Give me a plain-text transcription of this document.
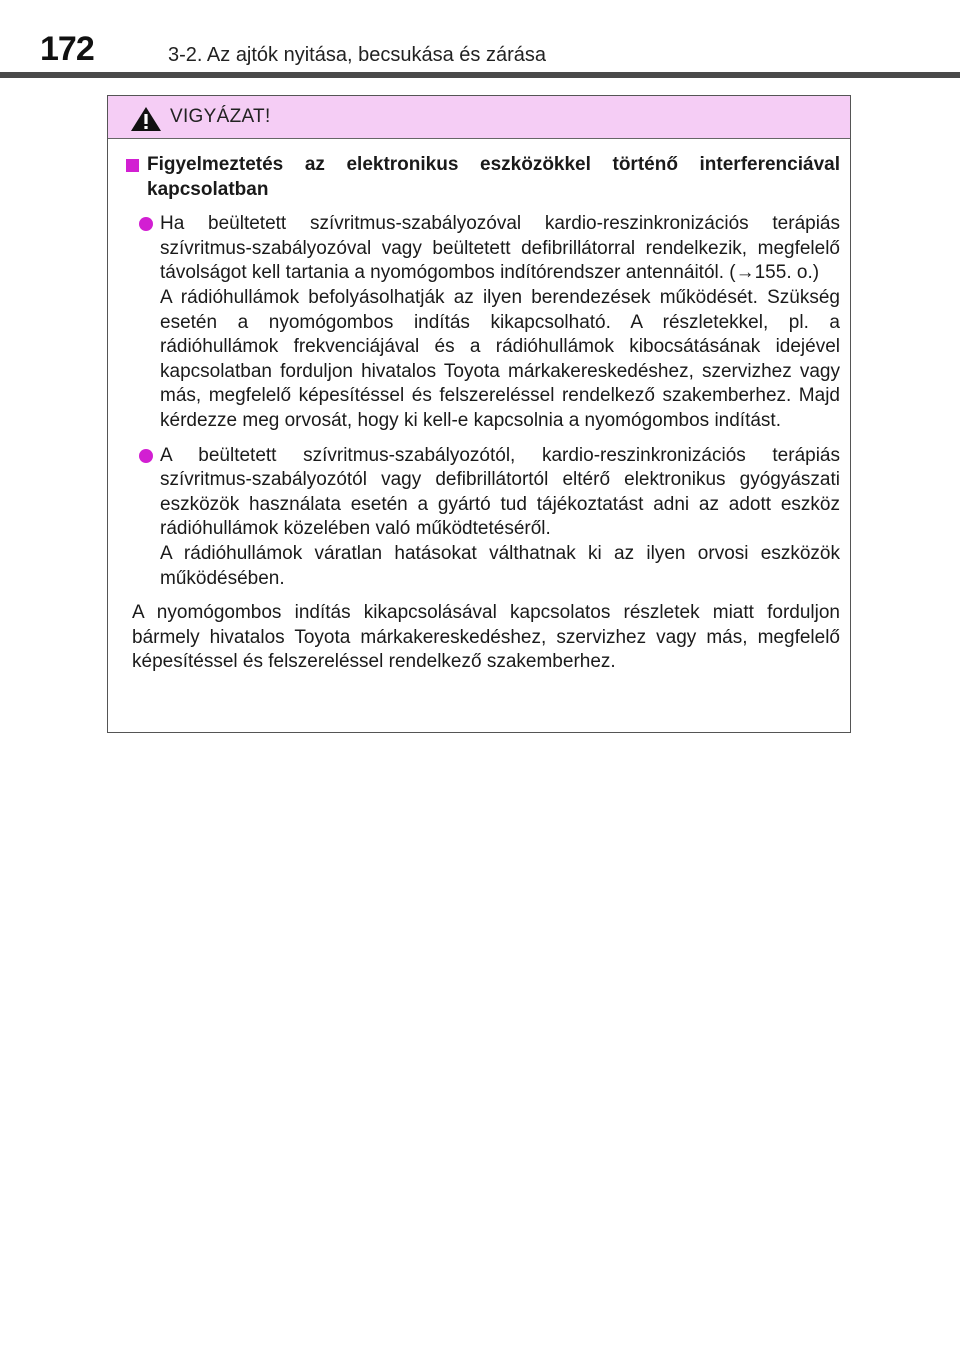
172	3-2. Az ajtók nyitása, becsukása és zárása
VIGYÁZAT!
Figyelmeztetés az elektronikus eszközökkel történő interferenciával kapcsolatban

Ha beültetett szívritmus-szabályozóval kardio-reszinkronizációs terápiás szívritmus-szabályozóval vagy beültetett defibrillátorral rendelkezik, megfelelő távolságot kell tartania a nyomógombos indítórendszer antennáitól. (→155. o.)

A rádióhullámok befolyásolhatják az ilyen berendezések működését. Szükség esetén a nyomógombos indítás kikapcsolható. A részletekkel, pl. a rádióhullámok frekvenciájával és a rádióhullámok kibocsátásának idejével kapcsolatban forduljon hivatalos Toyota márkakereskedéshez, szervizhez vagy más, megfelelő képesítéssel és felszereléssel rendelkező szakemberhez. Majd kérdezze meg orvosát, hogy ki kell-e kapcsolnia a nyomógombos indítást.

A beültetett szívritmus-szabályozótól, kardio-reszinkronizációs terápiás szívritmus-szabályozótól vagy defibrillátortól eltérő elektronikus gyógyászati eszközök használata esetén a gyártó tud tájékoztatást adni az adott eszköz rádióhullámok közelében való működtetéséről.

A rádióhullámok váratlan hatásokat válthatnak ki az ilyen orvosi eszközök működésében.

A nyomógombos indítás kikapcsolásával kapcsolatos részletek miatt forduljon bármely hivatalos Toyota márkakereskedéshez, szervizhez vagy más, megfelelő képesítéssel és felszereléssel rendelkező szakemberhez.
